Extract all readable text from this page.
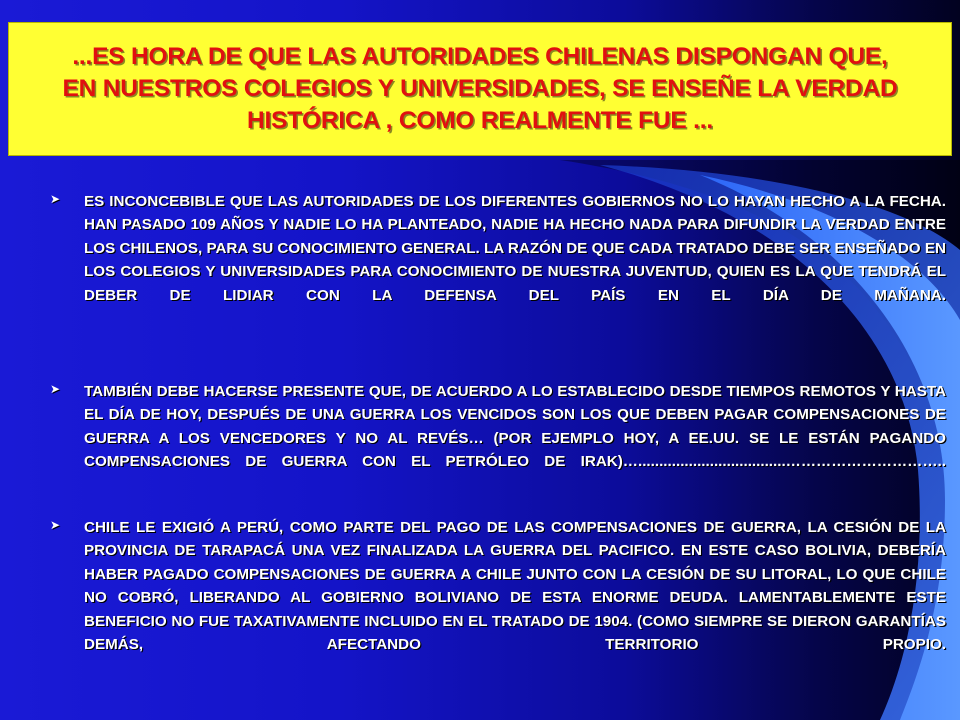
...ES HORA DE QUE LAS AUTORIDADES CHILENAS DISPONGAN QUE,
EN NUESTROS COLEGIOS Y UNIVERSIDADES, SE ENSEÑE LA VERDAD
HISTÓRICA , COMO REALMENTE FUE ...
➤ ES INCONCEBIBLE QUE LAS AUTORIDADES DE LOS DIFERENTES GOBIERNOS NO LO HAYAN HECHO A LA FECHA. HAN PASADO 109 AÑOS Y NADIE LO HA PLANTEADO, NADIE HA HECHO NADA PARA DIFUNDIR LA VERDAD ENTRE LOS CHILENOS, PARA SU CONOCIMIENTO GENERAL. LA RAZÓN DE QUE CADA TRATADO DEBE SER ENSEÑADO EN LOS COLEGIOS Y UNIVERSIDADES PARA CONOCIMIENTO DE NUESTRA JUVENTUD, QUIEN ES LA QUE TENDRÁ EL DEBER DE LIDIAR CON LA DEFENSA DEL PAÍS EN EL DÍA DE MAÑANA.

➤ TAMBIÉN DEBE HACERSE PRESENTE QUE, DE ACUERDO A LO ESTABLECIDO DESDE TIEMPOS REMOTOS Y HASTA EL DÍA DE HOY, DESPUÉS DE UNA GUERRA LOS VENCIDOS SON LOS QUE DEBEN PAGAR COMPENSACIONES DE GUERRA A LOS VENCEDORES Y NO AL REVÉS… (POR EJEMPLO HOY, A EE.UU. SE LE ESTÁN PAGANDO COMPENSACIONES DE GUERRA CON EL PETRÓLEO DE IRAK)…...................................…………………………..

➤ CHILE LE EXIGIÓ A PERÚ, COMO PARTE DEL PAGO DE LAS COMPENSACIONES DE GUERRA, LA CESIÓN DE LA PROVINCIA DE TARAPACÁ UNA VEZ FINALIZADA LA GUERRA DEL PACIFICO. EN ESTE CASO BOLIVIA, DEBERÍA HABER PAGADO COMPENSACIONES DE GUERRA A CHILE JUNTO CON LA CESIÓN DE SU LITORAL, LO QUE CHILE NO COBRÓ, LIBERANDO AL GOBIERNO BOLIVIANO DE ESTA ENORME DEUDA. LAMENTABLEMENTE ESTE BENEFICIO NO FUE TAXATIVAMENTE INCLUIDO EN EL TRATADO DE 1904. (COMO SIEMPRE SE DIERON GARANTÍAS DEMÁS, AFECTANDO TERRITORIO PROPIO.
